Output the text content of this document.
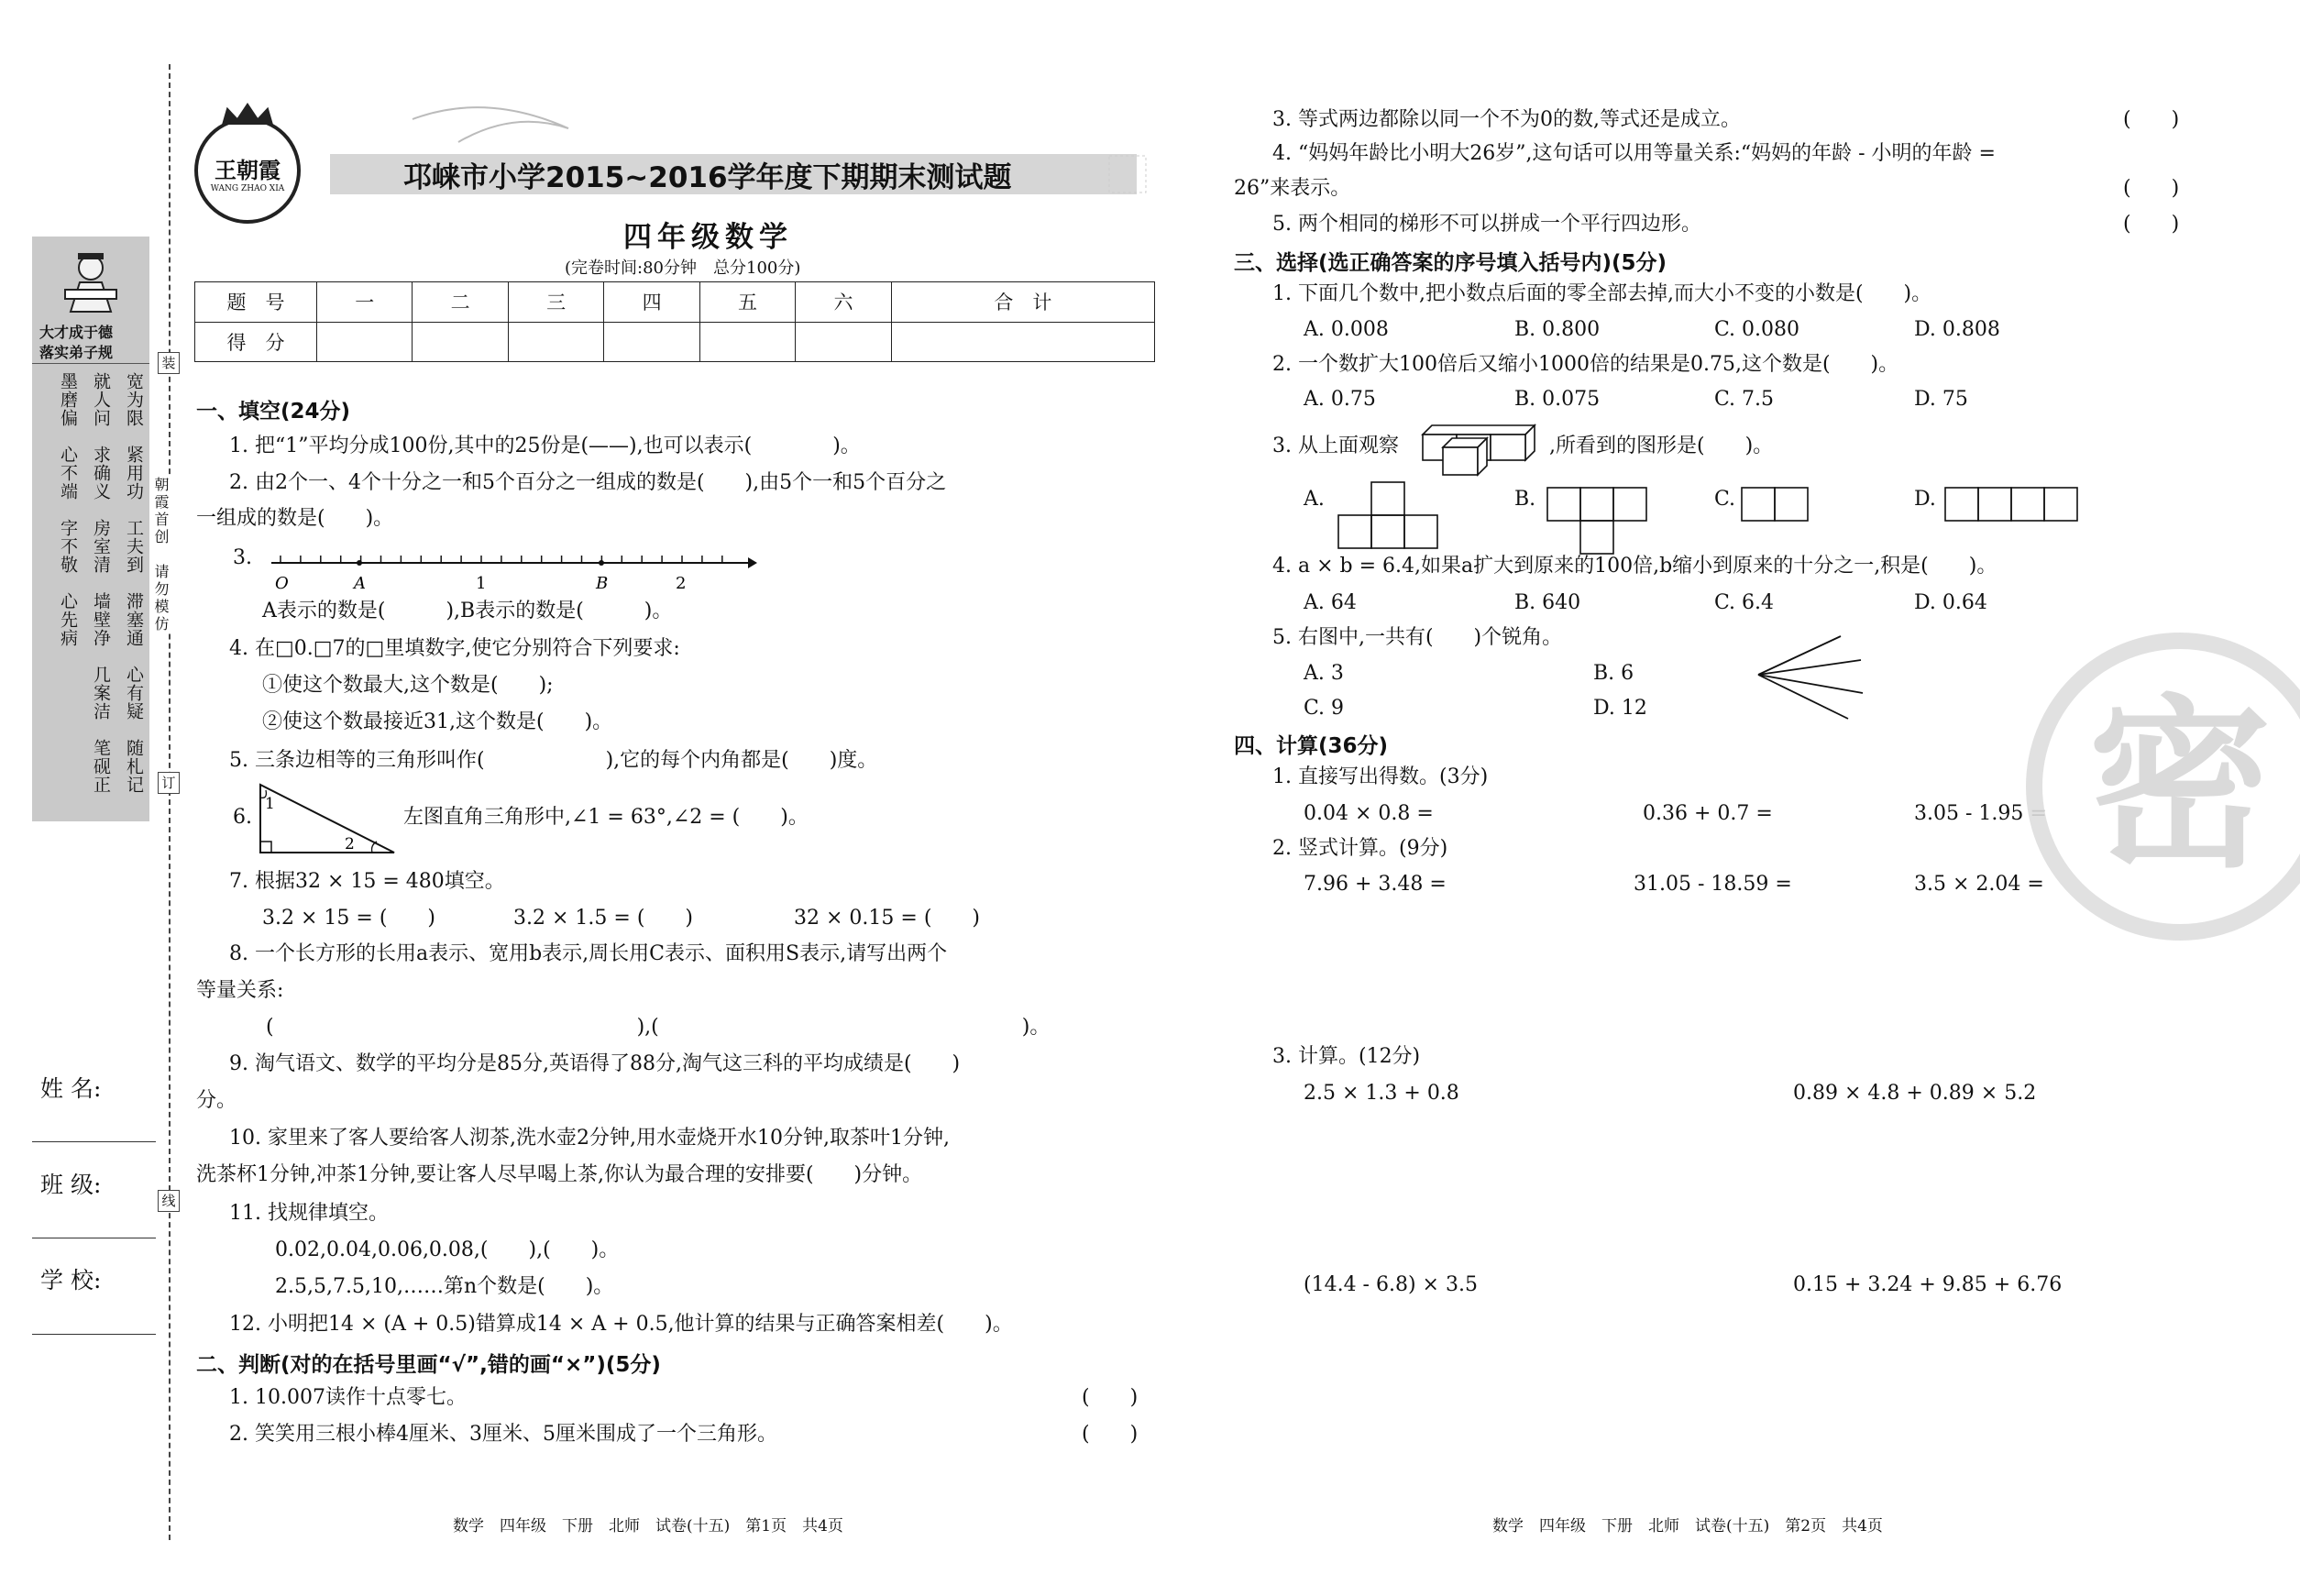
大才成于德
落实弟子规
宽为限
紧用功
工夫到
滞塞通
心有疑
随札记
就人问
求确义
房室清
墙壁净
几案洁
笔砚正
墨磨偏
心不端
字不敬
心先病
装
订
线
朝霞首创　请勿模仿
姓 名:
班 级:
学 校:
王朝霞
WANG ZHAO XIA	邛崃市小学2015~2016学年度下期期末测试题
四年级数学
(完卷时间:80分钟　总分100分)
题　号	一	二	三	四	五	六	合　计
得　分							
一、填空(24分)
1. 把“1”平均分成100份,其中的25份是(——),也可以表示(　　　　)。
2. 由2个一、4个十分之一和5个百分之一组成的数是(　　),由5个一和5个百分之
一组成的数是(　　)。
3.
O	A	1	B	2
A表示的数是(　　　),B表示的数是(　　　)。
4. 在□0.□7的□里填数字,使它分别符合下列要求:
①使这个数最大,这个数是(　　);
②使这个数最接近31,这个数是(　　)。
5. 三条边相等的三角形叫作(　　　　　　),它的每个内角都是(　　)度。
6.
1
2
左图直角三角形中,∠1 = 63°,∠2 = (　　)。
7. 根据32 × 15 = 480填空。
3.2 × 15 = (　　)	3.2 × 1.5 = (　　)	32 × 0.15 = (　　)
8. 一个长方形的长用a表示、宽用b表示,周长用C表示、面积用S表示,请写出两个
等量关系:
(　　　　　　　　　　　　　　　　　　),(　　　　　　　　　　　　　　　　　　)。
9. 淘气语文、数学的平均分是85分,英语得了88分,淘气这三科的平均成绩是(　　)
分。
10. 家里来了客人要给客人沏茶,洗水壶2分钟,用水壶烧开水10分钟,取茶叶1分钟,
洗茶杯1分钟,冲茶1分钟,要让客人尽早喝上茶,你认为最合理的安排要(　　)分钟。
11. 找规律填空。
0.02,0.04,0.06,0.08,(　　),(　　)。
2.5,5,7.5,10,……第n个数是(　　)。
12. 小明把14 × (A + 0.5)错算成14 × A + 0.5,他计算的结果与正确答案相差(　　)。
二、判断(对的在括号里画“√”,错的画“×”)(5分)
1. 10.007读作十点零七。	(　　)
2. 笑笑用三根小棒4厘米、3厘米、5厘米围成了一个三角形。	(　　)
数学　四年级　下册　北师　试卷(十五)　第1页　共4页
3. 等式两边都除以同一个不为0的数,等式还是成立。	(　　)
4. “妈妈年龄比小明大26岁”,这句话可以用等量关系:“妈妈的年龄 - 小明的年龄 =
26”来表示。	(　　)
5. 两个相同的梯形不可以拼成一个平行四边形。	(　　)
三、选择(选正确答案的序号填入括号内)(5分)
1. 下面几个数中,把小数点后面的零全部去掉,而大小不变的小数是(　　)。
A. 0.008	B. 0.800	C. 0.080	D. 0.808
2. 一个数扩大100倍后又缩小1000倍的结果是0.75,这个数是(　　)。
A. 0.75	B. 0.075	C. 7.5	D. 75
3. 从上面观察	,所看到的图形是(　　)。
A.	B.	C.	D.
4. a × b = 6.4,如果a扩大到原来的100倍,b缩小到原来的十分之一,积是(　　)。
A. 64	B. 640	C. 6.4	D. 0.64
5. 右图中,一共有(　　)个锐角。
A. 3	B. 6
C. 9	D. 12
四、计算(36分)
1. 直接写出得数。(3分)
0.04 × 0.8 =	0.36 + 0.7 =	3.05 - 1.95 =
2. 竖式计算。(9分)
7.96 + 3.48 =	31.05 - 18.59 =	3.5 × 2.04 =
3. 计算。(12分)
2.5 × 1.3 + 0.8	0.89 × 4.8 + 0.89 × 5.2
(14.4 - 6.8) × 3.5	0.15 + 3.24 + 9.85 + 6.76
密
数学　四年级　下册　北师　试卷(十五)　第2页　共4页
